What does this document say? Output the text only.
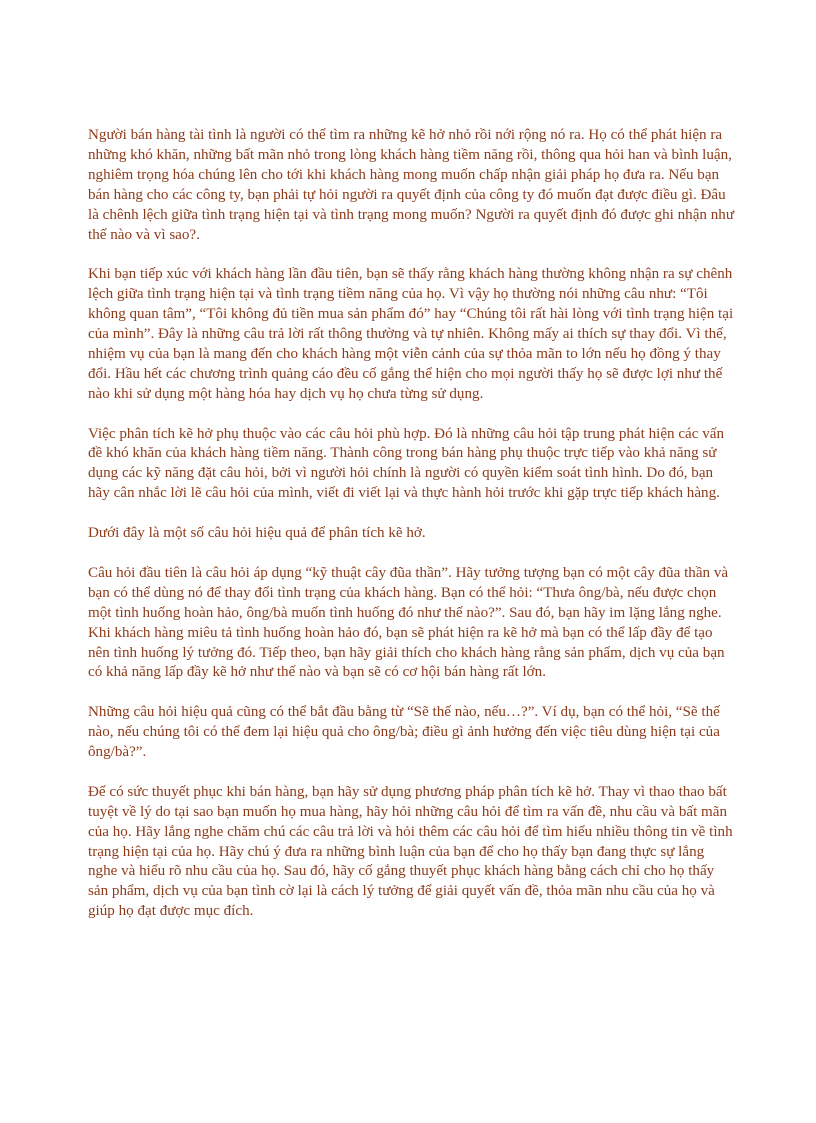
Người bán hàng tài tình là người có thể tìm ra những kẽ hở nhỏ rồi nới rộng nó ra. Họ có thể phát hiện ra những khó khăn, những bất mãn nhỏ trong lòng khách hàng tiềm năng rồi, thông qua hỏi han và bình luận, nghiêm trọng hóa chúng lên cho tới khi khách hàng mong muốn chấp nhận giải pháp họ đưa ra. Nếu bạn bán hàng cho các công ty, bạn phải tự hỏi người ra quyết định của công ty đó muốn đạt được điều gì. Đâu là chênh lệch giữa tình trạng hiện tại và tình trạng mong muốn? Người ra quyết định đó được ghi nhận như thế nào và vì sao?.

Khi bạn tiếp xúc với khách hàng lần đầu tiên, bạn sẽ thấy rằng khách hàng thường không nhận ra sự chênh lệch giữa tình trạng hiện tại và tình trạng tiềm năng của họ. Vì vậy họ thường nói những câu như: “Tôi không quan tâm”, “Tôi không đủ tiền mua sản phẩm đó” hay “Chúng tôi rất hài lòng với tình trạng hiện tại của mình”. Đây là những câu trả lời rất thông thường và tự nhiên. Không mấy ai thích sự thay đổi. Vì thế, nhiệm vụ của bạn là mang đến cho khách hàng một viễn cảnh của sự thỏa mãn to lớn nếu họ đồng ý thay đổi. Hầu hết các chương trình quảng cáo đều cố gắng thể hiện cho mọi người thấy họ sẽ được lợi như thế nào khi sử dụng một hàng hóa hay dịch vụ họ chưa từng sử dụng.

Việc phân tích kẽ hở phụ thuộc vào các câu hỏi phù hợp. Đó là những câu hỏi tập trung phát hiện các vấn đề khó khăn của khách hàng tiềm năng. Thành công trong bán hàng phụ thuộc trực tiếp vào khả năng sử dụng các kỹ năng đặt câu hỏi, bởi vì người hỏi chính là người có quyền kiểm soát tình hình. Do đó, bạn hãy cân nhắc lời lẽ câu hỏi của mình, viết đi viết lại và thực hành hỏi trước khi gặp trực tiếp khách hàng.

Dưới đây là một số câu hỏi hiệu quả để phân tích kẽ hở.

Câu hỏi đầu tiên là câu hỏi áp dụng “kỹ thuật cây đũa thần”. Hãy tưởng tượng bạn có một cây đũa thần và bạn có thể dùng nó để thay đổi tình trạng của khách hàng. Bạn có thể hỏi: “Thưa ông/bà, nếu được chọn một tình huống hoàn hảo, ông/bà muốn tình huống đó như thế nào?”. Sau đó, bạn hãy im lặng lắng nghe. Khi khách hàng miêu tả tình huống hoàn hảo đó, bạn sẽ phát hiện ra kẽ hở mà bạn có thể lấp đầy để tạo nên tình huống lý tưởng đó. Tiếp theo, bạn hãy giải thích cho khách hàng rằng sản phẩm, dịch vụ của bạn có khả năng lấp đầy kẽ hở như thế nào và bạn sẽ có cơ hội bán hàng rất lớn.

Những câu hỏi hiệu quả cũng có thể bắt đầu bằng từ “Sẽ thế nào, nếu…?”. Ví dụ, bạn có thể hỏi, “Sẽ thế nào, nếu chúng tôi có thể đem lại hiệu quả cho ông/bà; điều gì ảnh hưởng đến việc tiêu dùng hiện tại của ông/bà?”.

Để có sức thuyết phục khi bán hàng, bạn hãy sử dụng phương pháp phân tích kẽ hở. Thay vì thao thao bất tuyệt về lý do tại sao bạn muốn họ mua hàng, hãy hỏi những câu hỏi để tìm ra vấn đề, nhu cầu và bất mãn của họ. Hãy lắng nghe chăm chú các câu trả lời và hỏi thêm các câu hỏi để tìm hiểu nhiều thông tin về tình trạng hiện tại của họ. Hãy chú ý đưa ra những bình luận của bạn để cho họ thấy bạn đang thực sự lắng nghe và hiểu rõ nhu cầu của họ. Sau đó, hãy cố gắng thuyết phục khách hàng bằng cách chỉ cho họ thấy sản phẩm, dịch vụ của bạn tình cờ lại là cách lý tưởng để giải quyết vấn đề, thỏa mãn nhu cầu của họ và giúp họ đạt được mục đích.
